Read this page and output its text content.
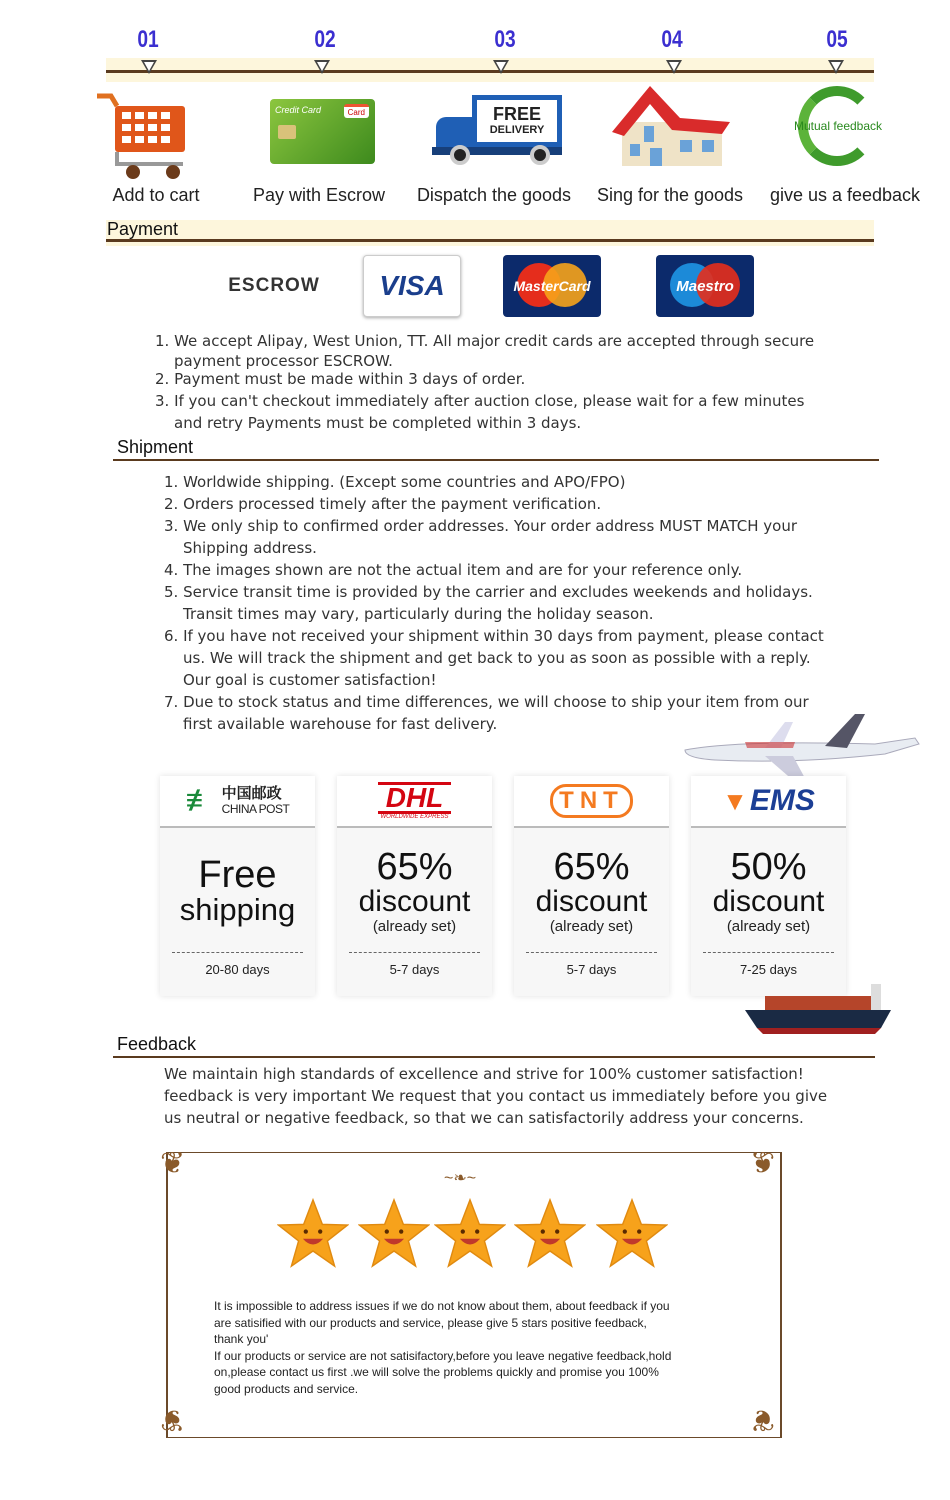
01	02	03	04	05
Credit Card	Card	FREE
DELIVERY	Mutual feedback
Add to cart	Pay with Escrow	Dispatch the goods	Sing for the goods	give us a feedback
Payment
ESCROW	VISA	MasterCard	Maestro
1. We accept Alipay, West Union, TT. All major credit cards are accepted through secure
payment processor ESCROW.
2. Payment must be made within 3 days of order.
3. If you can't checkout immediately after auction close, please wait for a few minutes
and retry Payments must be completed within 3 days.
Shipment
1. Worldwide shipping. (Except some countries and APO/FPO)
2. Orders processed timely after the payment verification.
3. We only ship to confirmed order addresses. Your order address MUST MATCH your
Shipping address.
4. The images shown are not the actual item and are for your reference only.
5. Service transit time is provided by the carrier and excludes weekends and holidays.
Transit times may vary, particularly during the holiday season.
6. If you have not received your shipment within 30 days from payment, please contact
us. We will track the shipment and get back to you as soon as possible with a reply.
Our goal is customer satisfaction!
7. Due to stock status and time differences, we will choose to ship your item from our
first available warehouse for fast delivery.
≢ 中国邮政
CHINA POST
Free
shipping
20-80 days
DHL
WORLDWIDE EXPRESS
65%
discount
(already set)
5-7 days
TNT
65%
discount
(already set)
5-7 days
▼ EMS
50%
discount
(already set)
7-25 days
Feedback
We maintain high standards of excellence and strive for 100% customer satisfaction!
feedback is very important We request that you contact us immediately before you give
us neutral or negative feedback, so that we can satisfactorily address your concerns.
❦	❦
❦	❦
~❧~
It is impossible to address issues if we do not know about them, about feedback if you
are satisified with our products and service, please give 5 stars positive feedback,
thank you'
If our products or service are not satisifactory,before you leave negative feedback,hold
on,please contact us first .we will solve the problems quickly and promise you 100%
good products and service.
